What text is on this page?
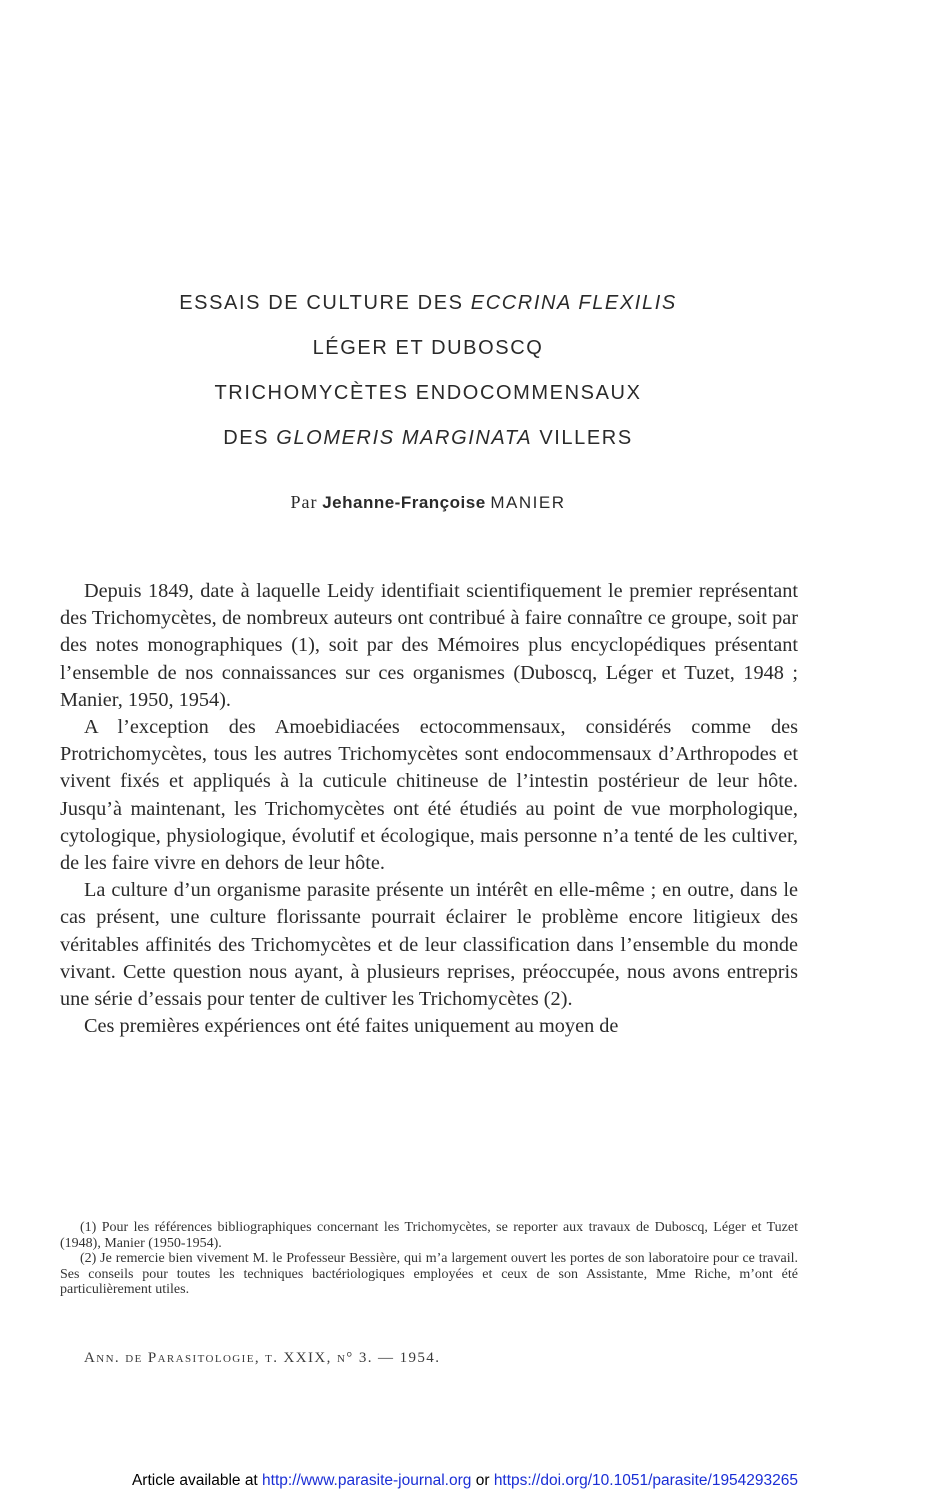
ESSAIS DE CULTURE DES ECCRINA FLEXILIS
LÉGER ET DUBOSCQ
TRICHOMYCÈTES ENDOCOMMENSAUX
DES GLOMERIS MARGINATA VILLERS
Par Jehanne-Françoise MANIER

Depuis 1849, date à laquelle Leidy identifiait scientifiquement le premier représentant des Trichomycètes, de nombreux auteurs ont contribué à faire connaître ce groupe, soit par des notes monographiques (1), soit par des Mémoires plus encyclopédiques présentant l’ensemble de nos connaissances sur ces organismes (Duboscq, Léger et Tuzet, 1948 ; Manier, 1950, 1954).

A l’exception des Amoebidiacées ectocommensaux, considérés comme des Protrichomycètes, tous les autres Trichomycètes sont endocommensaux d’Arthropodes et vivent fixés et appliqués à la cuticule chitineuse de l’intestin postérieur de leur hôte. Jusqu’à maintenant, les Trichomycètes ont été étudiés au point de vue morphologique, cytologique, physiologique, évolutif et écologique, mais personne n’a tenté de les cultiver, de les faire vivre en dehors de leur hôte.

La culture d’un organisme parasite présente un intérêt en elle-même ; en outre, dans le cas présent, une culture florissante pourrait éclairer le problème encore litigieux des véritables affinités des Trichomycètes et de leur classification dans l’ensemble du monde vivant. Cette question nous ayant, à plusieurs reprises, préoccupée, nous avons entrepris une série d’essais pour tenter de cultiver les Trichomycètes (2).

Ces premières expériences ont été faites uniquement au moyen de

(1) Pour les références bibliographiques concernant les Trichomycètes, se reporter aux travaux de Duboscq, Léger et Tuzet (1948), Manier (1950-1954).

(2) Je remercie bien vivement M. le Professeur Bessière, qui m’a largement ouvert les portes de son laboratoire pour ce travail. Ses conseils pour toutes les techniques bactériologiques employées et ceux de son Assistante, Mme Riche, m’ont été particulièrement utiles.

Ann. de Parasitologie, t. XXIX, n° 3. — 1954.
Article available at http://www.parasite-journal.org or https://doi.org/10.1051/parasite/1954293265
